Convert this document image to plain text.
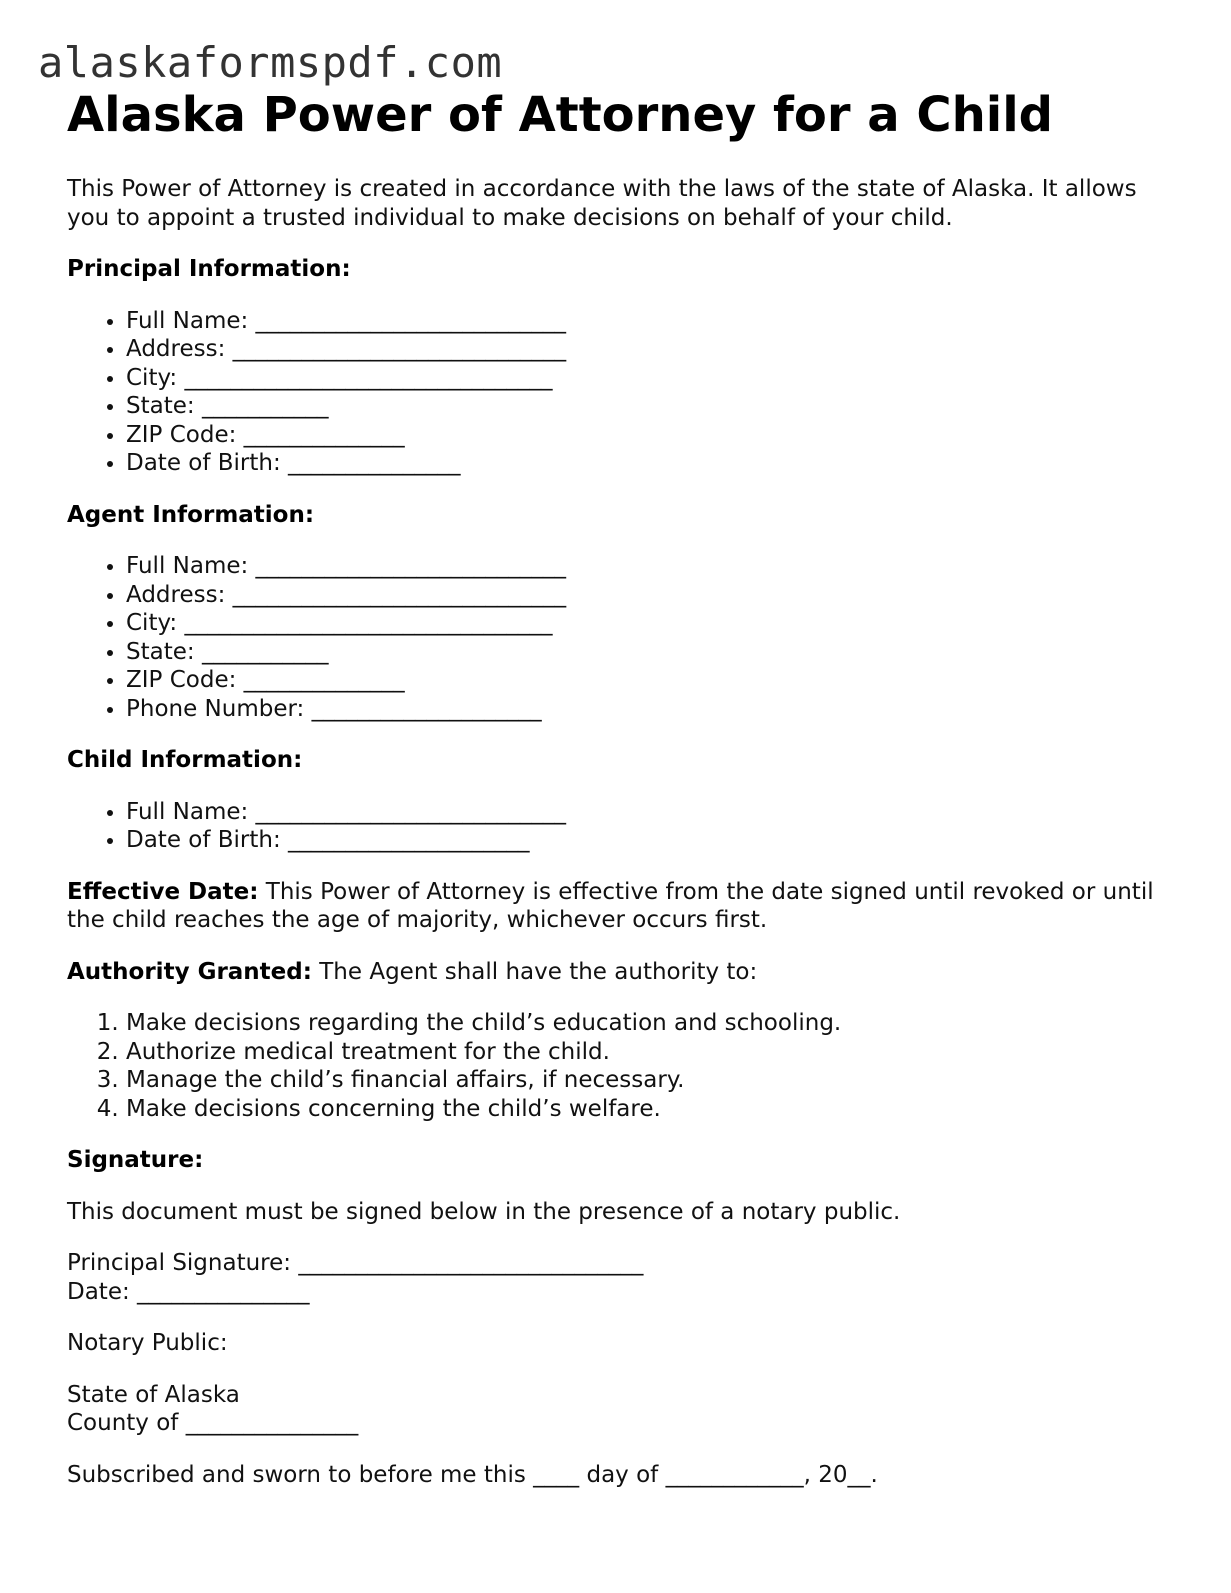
alaskaformspdf.com
Alaska Power of Attorney for a Child

This Power of Attorney is created in accordance with the laws of the state of Alaska. It allows you to appoint a trusted individual to make decisions on behalf of your child.

Principal Information:

• Full Name: ___________________________
• Address: _____________________________
• City: ________________________________
• State: ___________
• ZIP Code: ______________
• Date of Birth: _______________

Agent Information:

• Full Name: ___________________________
• Address: _____________________________
• City: ________________________________
• State: ___________
• ZIP Code: ______________
• Phone Number: ____________________

Child Information:

• Full Name: ___________________________
• Date of Birth: _____________________

Effective Date: This Power of Attorney is effective from the date signed until revoked or until the child reaches the age of majority, whichever occurs first.

Authority Granted: The Agent shall have the authority to:

1. Make decisions regarding the child’s education and schooling.
2. Authorize medical treatment for the child.
3. Manage the child’s financial affairs, if necessary.
4. Make decisions concerning the child’s welfare.

Signature:

This document must be signed below in the presence of a notary public.

Principal Signature: ______________________________
Date: _______________

Notary Public:

State of Alaska
County of _______________

Subscribed and sworn to before me this ____ day of ____________, 20__.
